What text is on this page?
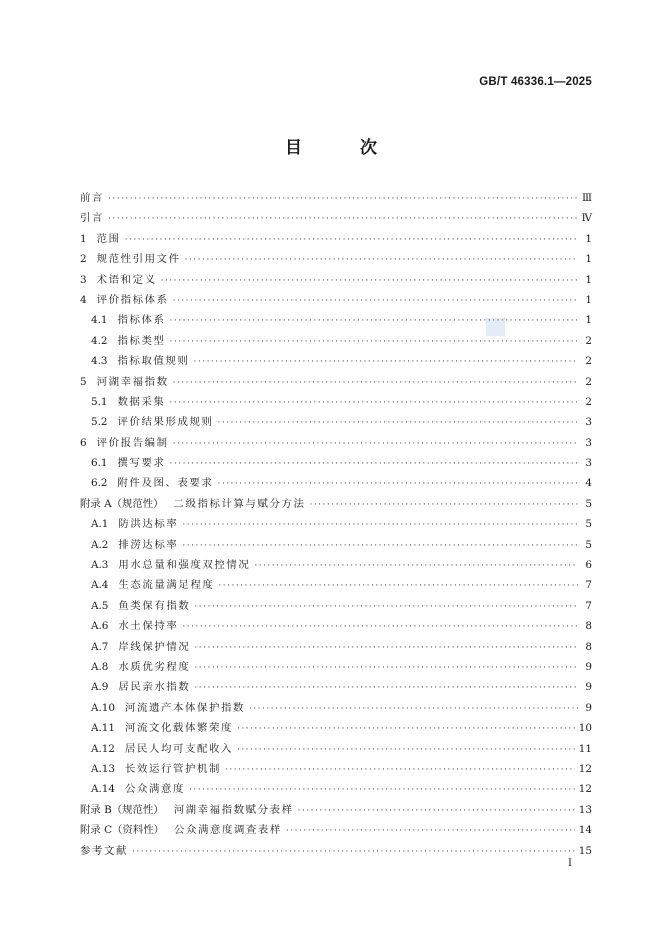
GB/T 46336.1—2025
目 次
前言 ·····	Ⅲ
引言 ·····	Ⅳ
1 范围 ·····	1
2 规范性引用文件 ·····	1
3 术语和定义 ·····	1
4 评价指标体系 ·····	1
4.1 指标体系 ·····	1
4.2 指标类型 ·····	2
4.3 指标取值规则 ·····	2
5 河湖幸福指数 ·····	2
5.1 数据采集 ·····	2
5.2 评价结果形成规则 ·····	3
6 评价报告编制 ·····	3
6.1 撰写要求 ·····	3
6.2 附件及图、表要求 ·····	4
附录 A（规范性） 二级指标计算与赋分方法 ·····	5
A.1 防洪达标率 ·····	5
A.2 排涝达标率 ·····	5
A.3 用水总量和强度双控情况 ·····	6
A.4 生态流量满足程度 ·····	7
A.5 鱼类保有指数 ·····	7
A.6 水土保持率 ·····	8
A.7 岸线保护情况 ·····	8
A.8 水质优劣程度 ·····	9
A.9 居民亲水指数 ·····	9
A.10 河流遗产本体保护指数 ·····	9
A.11 河流文化载体繁荣度 ·····	10
A.12 居民人均可支配收入 ·····	11
A.13 长效运行管护机制 ·····	12
A.14 公众满意度 ·····	12
附录 B（规范性） 河湖幸福指数赋分表样 ·····	13
附录 C（资料性） 公众满意度调查表样 ·····	14
参考文献 ·····	15
Ⅰ
